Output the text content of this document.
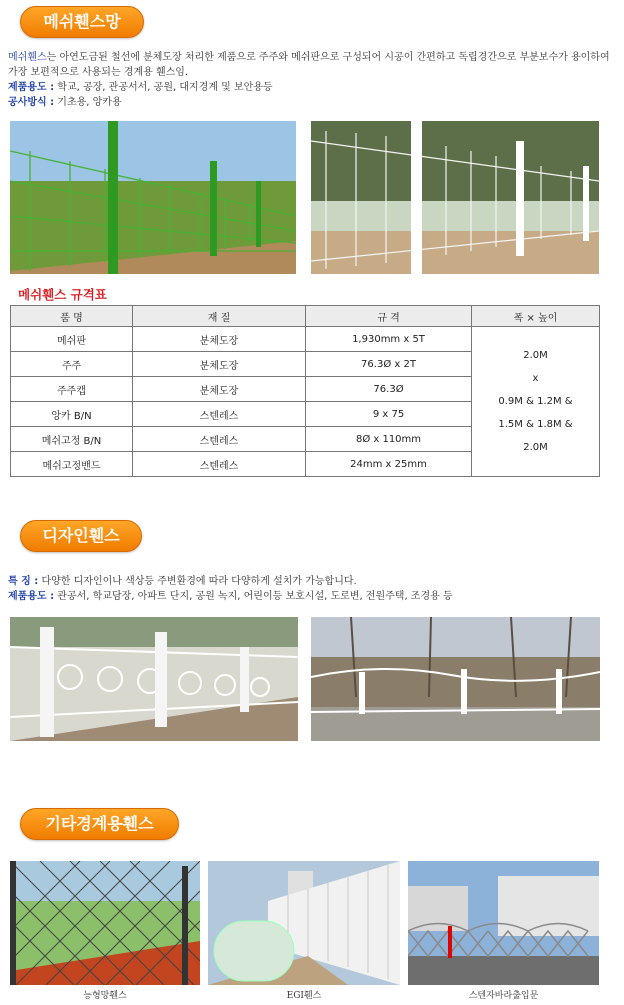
메쉬휀스망
메쉬휀스는 아연도금된 철선에 분체도장 처리한 제품으로 주주와 메쉬판으로 구성되어 시공이 간편하고 독립경간으로 부분보수가 용이하여 가장 보편적으로 사용되는 경계용 휀스임.
제품용도 : 학교, 공장, 관공서서, 공원, 대지경계 및 보안용등
공사방식 : 기초용, 앙카용
메쉬휀스 규격표
품 명	재 질	규 격	폭 × 높이
메쉬판	분체도장	1,930mm x 5T	2.0M
x
0.9M & 1.2M &
1.5M & 1.8M &
2.0M

주주	분체도장	76.3Ø x 2T	
주주캡	분체도장	76.3Ø	
앙카 B/N	스텐레스	9 x 75	
메쉬고정 B/N	스텐레스	8Ø x 110mm	
메쉬고정밴드	스텐레스	24mm x 25mm	
디자인휀스
특 징 : 다양한 디자인이나 색상등 주변환경에 따라 다양하게 설치가 가능합니다.
제품용도 : 관공서, 학교담장, 아파트 단지, 공원 녹지, 어린이등 보호시설, 도로변, 전원주택, 조경용 등
기타경계용휀스
능형망휀스	EGI휀스	스텐자바라출입문
